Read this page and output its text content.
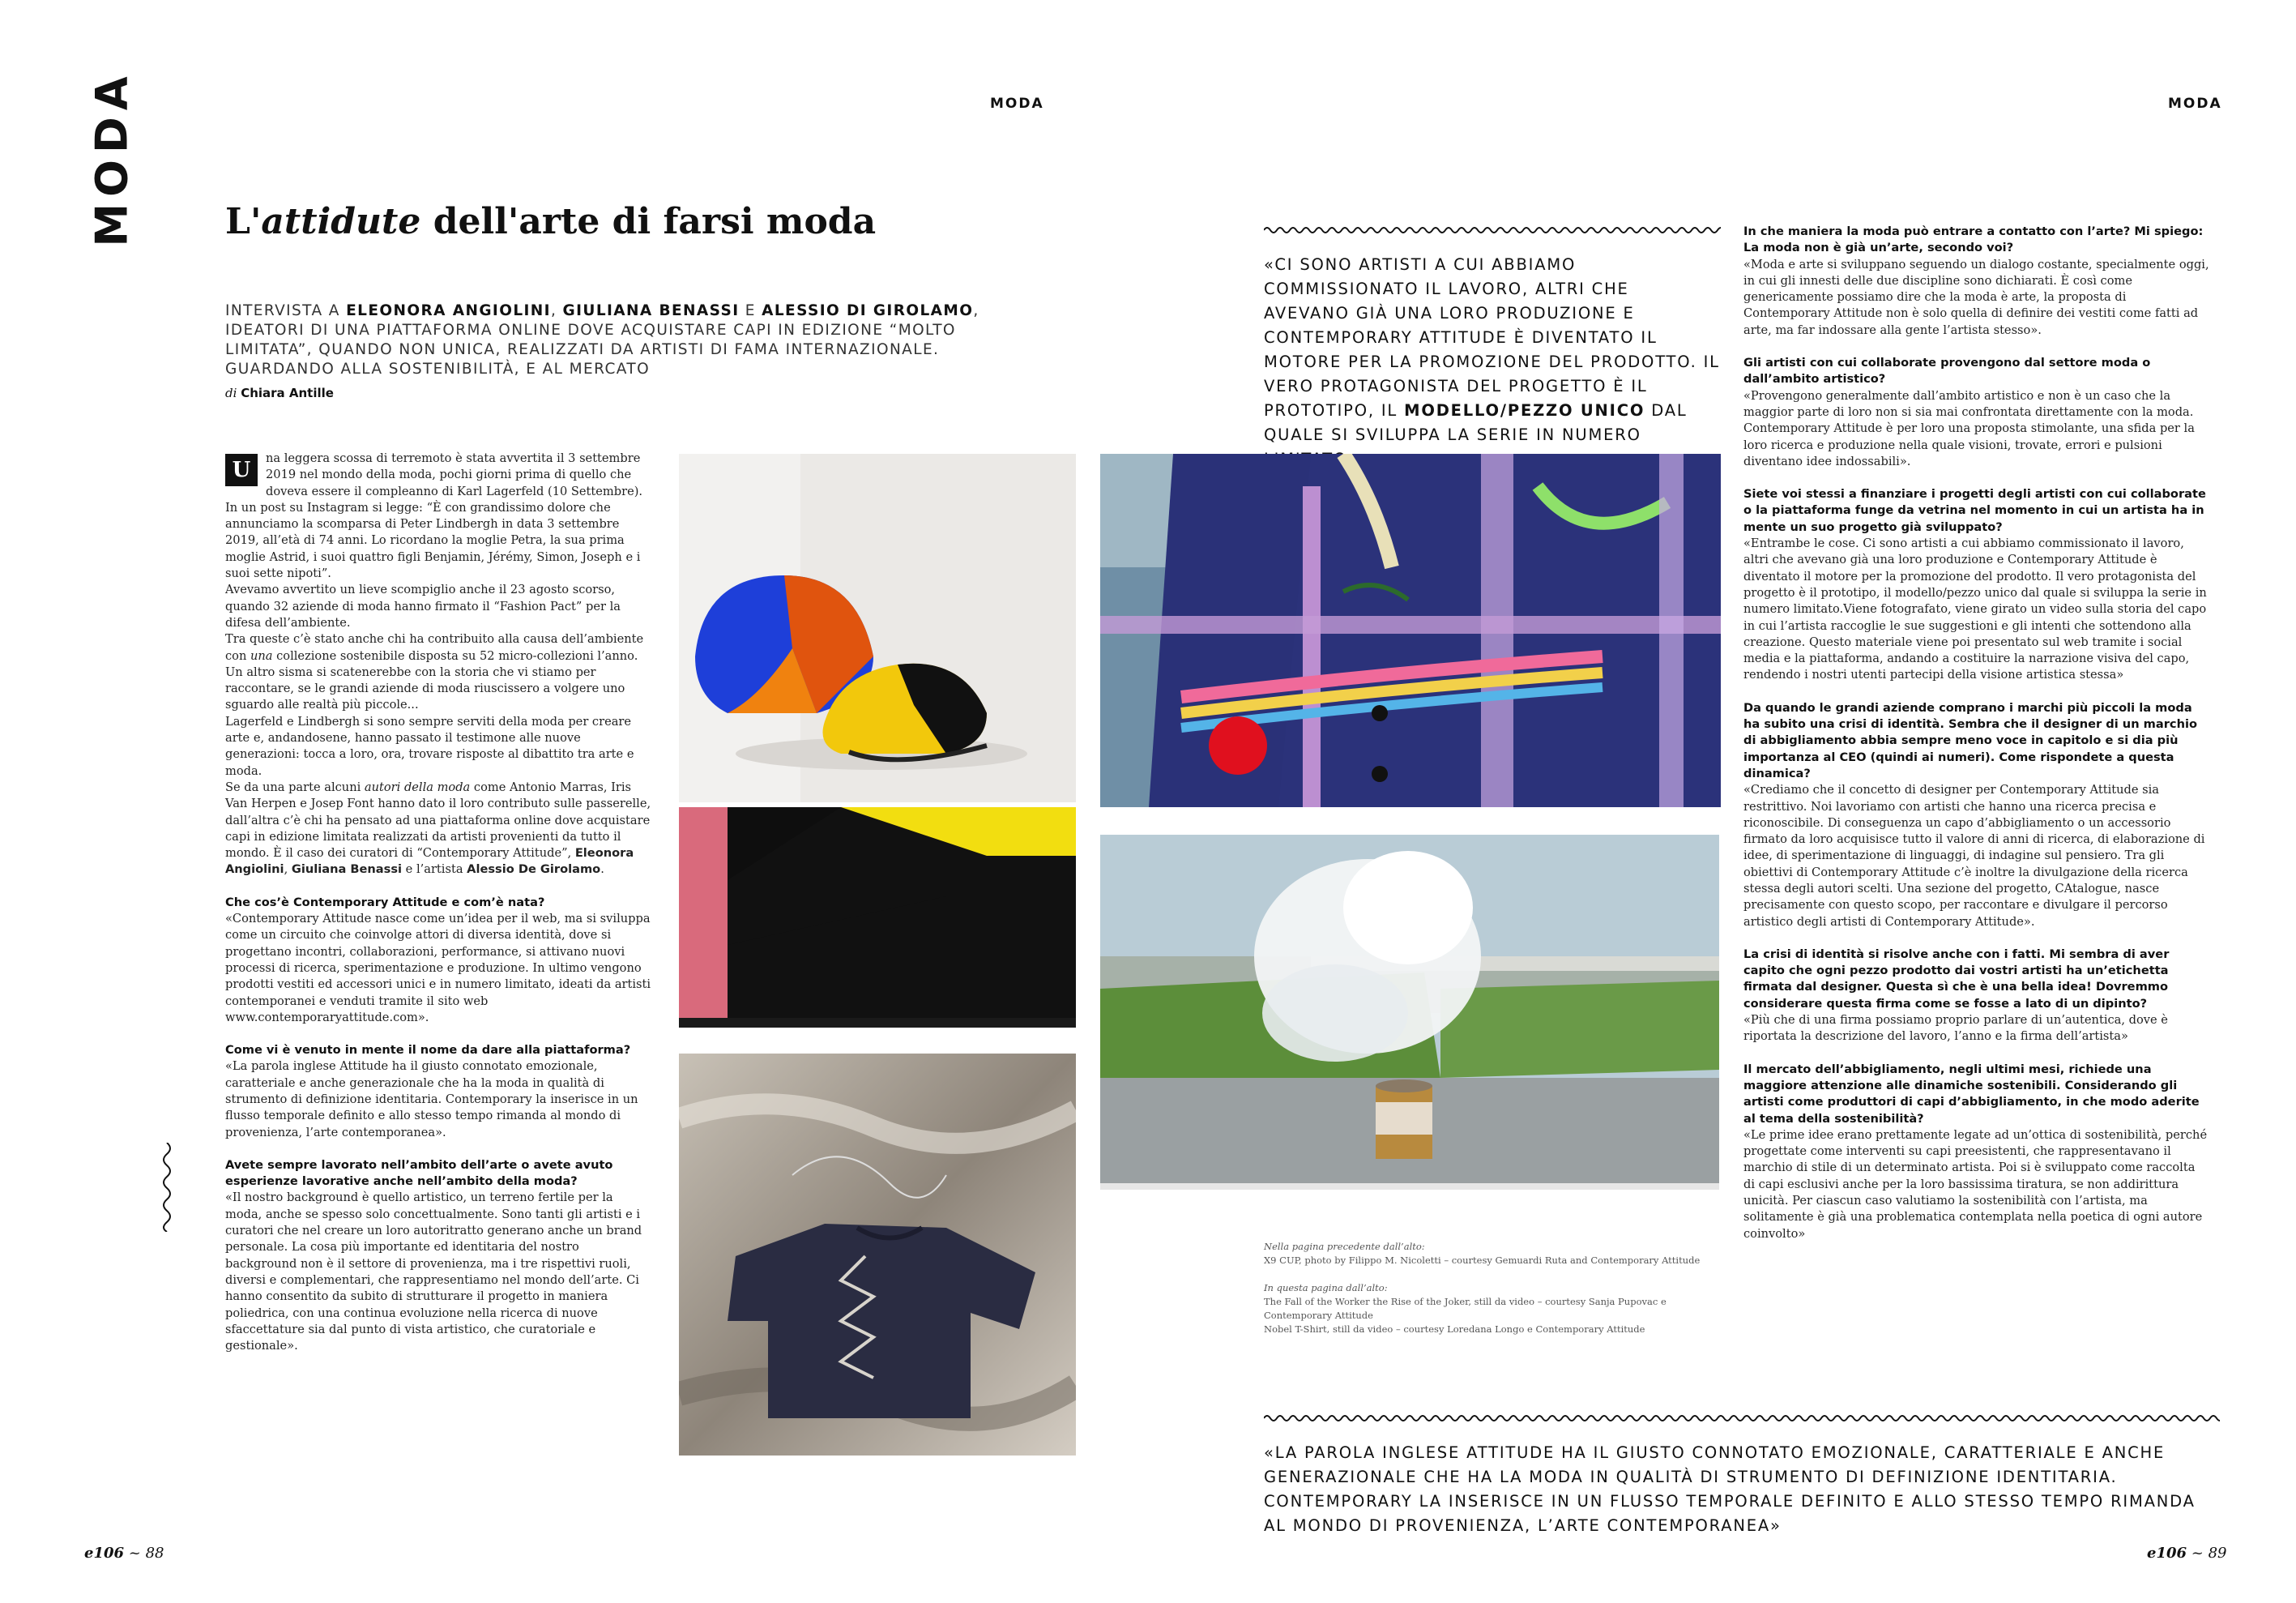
MODA	MODA	MODA
L'attidute dell'arte di farsi moda
INTERVISTA A ELEONORA ANGIOLINI, GIULIANA BENASSI E ALESSIO DI GIROLAMO, IDEATORI DI UNA PIATTAFORMA ONLINE DOVE ACQUISTARE CAPI IN EDIZIONE “MOLTO LIMITATA”, QUANDO NON UNICA, REALIZZATI DA ARTISTI DI FAMA INTERNAZIONALE. GUARDANDO ALLA SOSTENIBILITÀ, E AL MERCATO
di Chiara Antille
U	na leggera scossa di terremoto è stata avvertita il 3 settembre 2019 nel mondo della moda, pochi giorni prima di quello che doveva essere il compleanno di Karl Lagerfeld (10 Settembre).

In un post su Instagram si legge: “È con grandissimo dolore che annunciamo la scomparsa di Peter Lindbergh in data 3 settembre 2019, all’età di 74 anni. Lo ricordano la moglie Petra, la sua prima moglie Astrid, i suoi quattro figli Benjamin, Jérémy, Simon, Joseph e i suoi sette nipoti”.

Avevamo avvertito un lieve scompiglio anche il 23 agosto scorso, quando 32 aziende di moda hanno firmato il “Fashion Pact” per la difesa dell’ambiente.

Tra queste c’è stato anche chi ha contribuito alla causa dell’ambiente con una collezione sostenibile disposta su 52 micro-collezioni l’anno.

Un altro sisma si scatenerebbe con la storia che vi stiamo per raccontare, se le grandi aziende di moda riuscissero a volgere uno sguardo alle realtà più piccole...

Lagerfeld e Lindbergh si sono sempre serviti della moda per creare arte e, andandosene, hanno passato il testimone alle nuove generazioni: tocca a loro, ora, trovare risposte al dibattito tra arte e moda.

Se da una parte alcuni autori della moda come Antonio Marras, Iris Van Herpen e Josep Font hanno dato il loro contributo sulle passerelle, dall’altra c’è chi ha pensato ad una piattaforma online dove acquistare capi in edizione limitata realizzati da artisti provenienti da tutto il mondo. È il caso dei curatori di “Contemporary Attitude”, Eleonora Angiolini, Giuliana Benassi e l’artista Alessio De Girolamo.

Che cos’è Contemporary Attitude e com’è nata?

«Contemporary Attitude nasce come un’idea per il web, ma si sviluppa come un circuito che coinvolge attori di diversa identità, dove si progettano incontri, collaborazioni, performance, si attivano nuovi processi di ricerca, sperimentazione e produzione. In ultimo vengono prodotti vestiti ed accessori unici e in numero limitato, ideati da artisti contemporanei e venduti tramite il sito web www.contemporaryattitude.com».

Come vi è venuto in mente il nome da dare alla piattaforma?

«La parola inglese Attitude ha il giusto connotato emozionale, caratteriale e anche generazionale che ha la moda in qualità di strumento di definizione identitaria. Contemporary la inserisce in un flusso temporale definito e allo stesso tempo rimanda al mondo di provenienza, l’arte contemporanea».

Avete sempre lavorato nell’ambito dell’arte o avete avuto esperienze lavorative anche nell’ambito della moda?

«Il nostro background è quello artistico, un terreno fertile per la moda, anche se spesso solo concettualmente. Sono tanti gli artisti e i curatori che nel creare un loro autoritratto generano anche un brand personale. La cosa più importante ed identitaria del nostro background non è il settore di provenienza, ma i tre rispettivi ruoli, diversi e complementari, che rappresentiamo nel mondo dell’arte. Ci hanno consentito da subito di strutturare il progetto in maniera poliedrica, con una continua evoluzione nella ricerca di nuove sfaccettature sia dal punto di vista artistico, che curatoriale e gestionale».

«CI SONO ARTISTI A CUI ABBIAMO COMMISSIONATO IL LAVORO, ALTRI CHE AVEVANO GIÀ UNA LORO PRODUZIONE E CONTEMPORARY ATTITUDE È DIVENTATO IL MOTORE PER LA PROMOZIONE DEL PRODOTTO. IL VERO PROTAGONISTA DEL PROGETTO È IL PROTOTIPO, IL MODELLO/PEZZO UNICO DAL QUALE SI SVILUPPA LA SERIE IN NUMERO

Nella pagina precedente dall’alto:

X9 CUP, photo by Filippo M. Nicoletti – courtesy Gemuardi Ruta and Contemporary Attitude

In questa pagina dall’alto:

The Fall of the Worker the Rise of the Joker, still da video – courtesy Sanja Pupovac e Contemporary Attitude

Nobel T-Shirt, still da video – courtesy Loredana Longo e Contemporary Attitude

In che maniera la moda può entrare a contatto con l’arte? Mi spiego: La moda non è già un’arte, secondo voi?

«Moda e arte si sviluppano seguendo un dialogo costante, specialmente oggi, in cui gli innesti delle due discipline sono dichiarati. È così come genericamente possiamo dire che la moda è arte, la proposta di Contemporary Attitude non è solo quella di definire dei vestiti come fatti ad arte, ma far indossare alla gente l’artista stesso».

Gli artisti con cui collaborate provengono dal settore moda o dall’ambito artistico?

«Provengono generalmente dall’ambito artistico e non è un caso che la maggior parte di loro non si sia mai confrontata direttamente con la moda. Contemporary Attitude è per loro una proposta stimolante, una sfida per la loro ricerca e produzione nella quale visioni, trovate, errori e pulsioni diventano idee indossabili».

Siete voi stessi a finanziare i progetti degli artisti con cui collaborate o la piattaforma funge da vetrina nel momento in cui un artista ha in mente un suo progetto già sviluppato?

«Entrambe le cose. Ci sono artisti a cui abbiamo commissionato il lavoro, altri che avevano già una loro produzione e Contemporary Attitude è diventato il motore per la promozione del prodotto. Il vero protagonista del progetto è il prototipo, il modello/pezzo unico dal quale si sviluppa la serie in numero limitato.Viene fotografato, viene girato un video sulla storia del capo in cui l’artista raccoglie le sue suggestioni e gli intenti che sottendono alla creazione. Questo materiale viene poi presentato sul web tramite i social media e la piattaforma, andando a costituire la narrazione visiva del capo, rendendo i nostri utenti partecipi della visione artistica stessa»

Da quando le grandi aziende comprano i marchi più piccoli la moda ha subito una crisi di identità. Sembra che il designer di un marchio di abbigliamento abbia sempre meno voce in capitolo e si dia più importanza al CEO (quindi ai numeri). Come rispondete a questa dinamica?

«Crediamo che il concetto di designer per Contemporary Attitude sia restrittivo. Noi lavoriamo con artisti che hanno una ricerca precisa e riconoscibile. Di conseguenza un capo d’abbigliamento o un accessorio firmato da loro acquisisce tutto il valore di anni di ricerca, di elaborazione di idee, di sperimentazione di linguaggi, di indagine sul pensiero. Tra gli obiettivi di Contemporary Attitude c’è inoltre la divulgazione della ricerca stessa degli autori scelti. Una sezione del progetto, CAtalogue, nasce precisamente con questo scopo, per raccontare e divulgare il percorso artistico degli artisti di Contemporary Attitude».

La crisi di identità si risolve anche con i fatti. Mi sembra di aver capito che ogni pezzo prodotto dai vostri artisti ha un’etichetta firmata dal designer. Questa sì che è una bella idea! Dovremmo considerare questa firma come se fosse a lato di un dipinto?

«Più che di una firma possiamo proprio parlare di un’autentica, dove è riportata la descrizione del lavoro, l’anno e la firma dell’artista»

Il mercato dell’abbigliamento, negli ultimi mesi, richiede una maggiore attenzione alle dinamiche sostenibili. Considerando gli artisti come produttori di capi d’abbigliamento, in che modo aderite al tema della sostenibilità?

«Le prime idee erano prettamente legate ad un’ottica di sostenibilità, perché progettate come interventi su capi preesistenti, che rappresentavano il marchio di stile di un determinato artista. Poi si è sviluppato come raccolta di capi esclusivi anche per la loro bassissima tiratura, se non addirittura unicità. Per ciascun caso valutiamo la sostenibilità con l’artista, ma solitamente è già una problematica contemplata nella poetica di ogni autore coinvolto»

«LA PAROLA INGLESE ATTITUDE HA IL GIUSTO CONNOTATO EMOZIONALE, CARATTERIALE E ANCHE GENERAZIONALE CHE HA LA MODA IN QUALITÀ DI STRUMENTO DI DEFINIZIONE IDENTITARIA. CONTEMPORARY LA INSERISCE IN UN FLUSSO TEMPORALE DEFINITO E ALLO STESSO TEMPO RIMANDA AL MONDO DI PROVENIENZA, L’ARTE CONTEMPORANEA»
e106 ~ 88	e106 ~ 89
